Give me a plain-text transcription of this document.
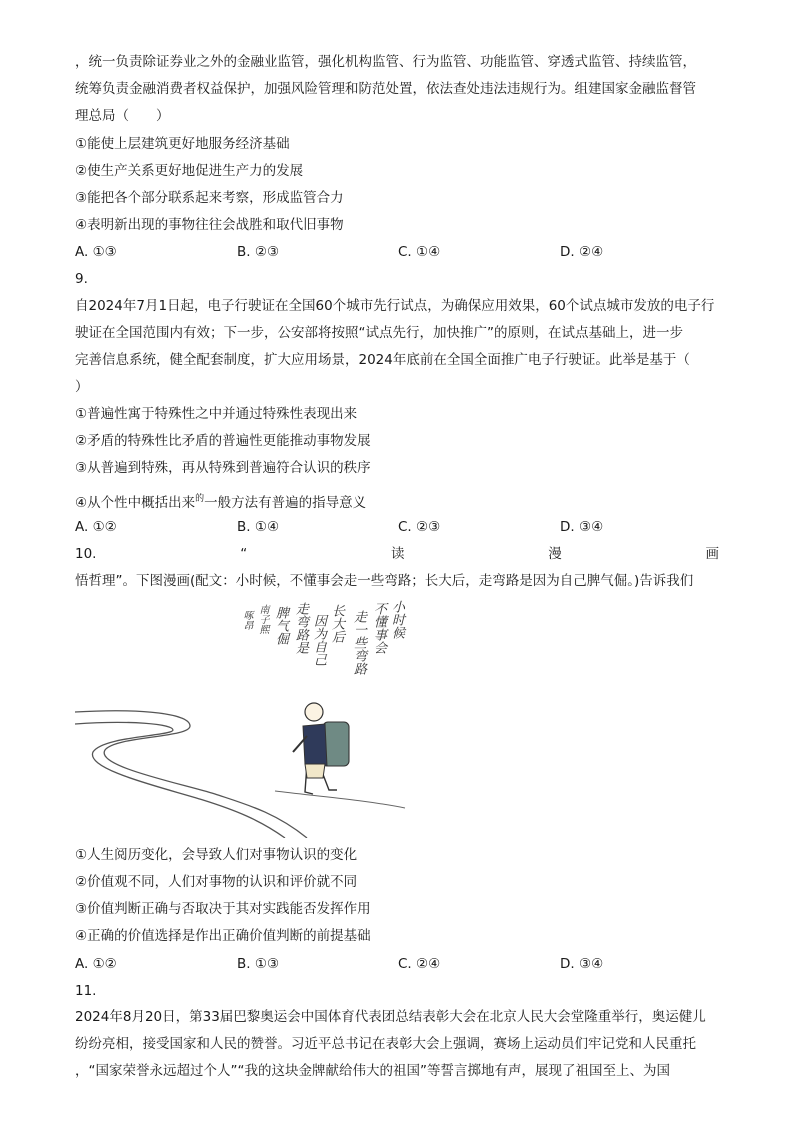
，统一负责除证券业之外的金融业监管，强化机构监管、行为监管、功能监管、穿透式监管、持续监管，
统筹负责金融消费者权益保护，加强风险管理和防范处置，依法查处违法违规行为。组建国家金融监督管
理总局（　　）
①能使上层建筑更好地服务经济基础
②使生产关系更好地促进生产力的发展
③能把各个部分联系起来考察，形成监管合力
④表明新出现的事物往往会战胜和取代旧事物
A. ①③	B. ②③	C. ①④	D. ②④
9.
自2024年7月1日起，电子行驶证在全国60个城市先行试点，为确保应用效果，60个试点城市发放的电子行
驶证在全国范围内有效；下一步，公安部将按照“试点先行，加快推广”的原则，在试点基础上，进一步
完善信息系统，健全配套制度，扩大应用场景，2024年底前在全国全面推广电子行驶证。此举是基于（
）
①普遍性寓于特殊性之中并通过特殊性表现出来
②矛盾的特殊性比矛盾的普遍性更能推动事物发展
③从普遍到特殊，再从特殊到普遍符合认识的秩序
④从个性中概括出来$^的$一般方法有普遍的指导意义
A. ①②	B. ①④	C. ②③	D. ③④
10.	“	读	漫	画
悟哲理”。下图漫画(配文：小时候，不懂事会走一些弯路；长大后，走弯路是因为自己脾气倔。)告诉我们
小时候
不懂事会
走一些弯路
长大后
因为自己
走弯路是
脾气倔
南子熙
啄昂
①人生阅历变化，会导致人们对事物认识的变化
②价值观不同，人们对事物的认识和评价就不同
③价值判断正确与否取决于其对实践能否发挥作用
④正确的价值选择是作出正确价值判断的前提基础
A. ①②	B. ①③	C. ②④	D. ③④
11.
2024年8月20日，第33届巴黎奥运会中国体育代表团总结表彰大会在北京人民大会堂隆重举行，奥运健儿
纷纷亮相，接受国家和人民的赞誉。习近平总书记在表彰大会上强调，赛场上运动员们牢记党和人民重托
，“国家荣誉永远超过个人”“我的这块金牌献给伟大的祖国”等誓言掷地有声，展现了祖国至上、为国
